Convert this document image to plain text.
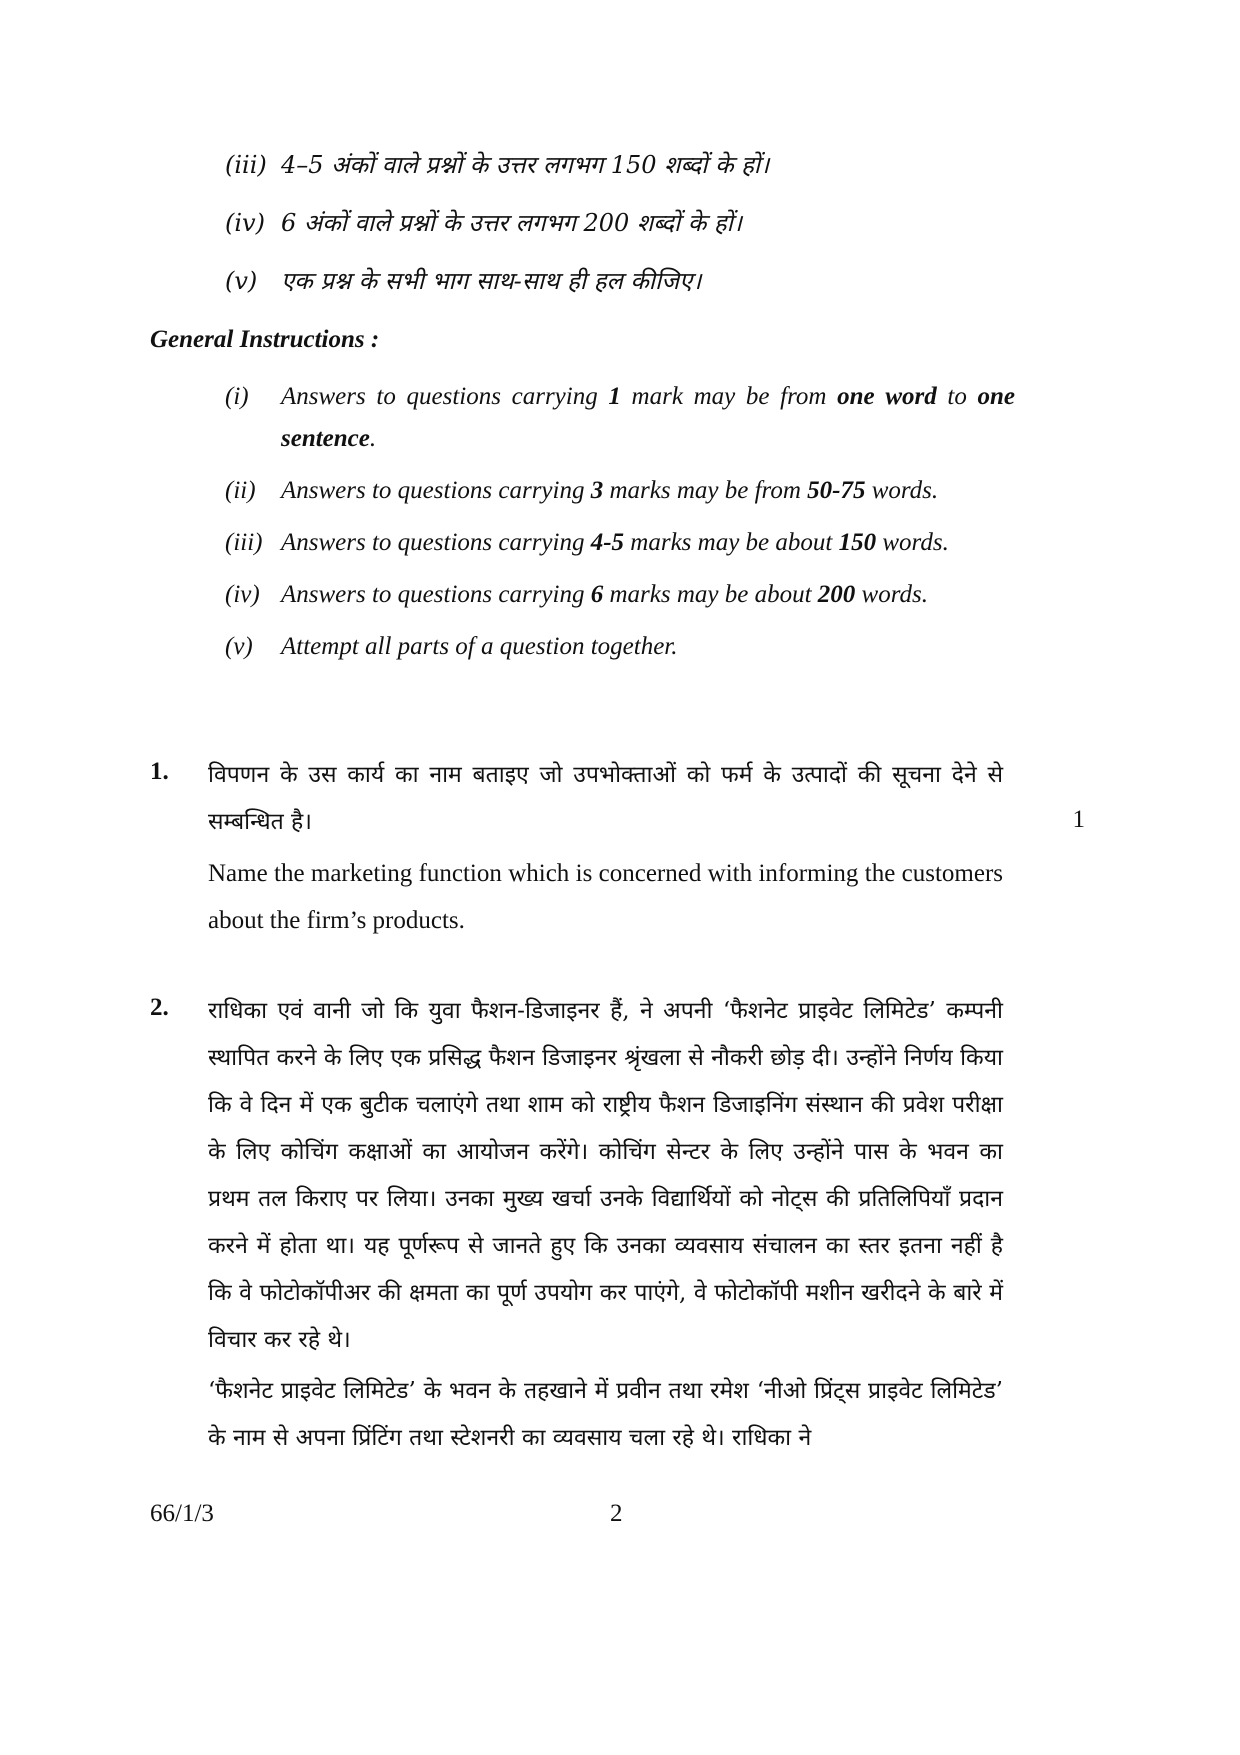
(iii) 4–5 अंकों वाले प्रश्नों के उत्तर लगभग 150 शब्दों के हों।
(iv) 6 अंकों वाले प्रश्नों के उत्तर लगभग 200 शब्दों के हों।
(v) एक प्रश्न के सभी भाग साथ-साथ ही हल कीजिए।
General Instructions :
(i)	Answers to questions carrying 1 mark may be from one word to one sentence.
(ii)	Answers to questions carrying 3 marks may be from 50-75 words.
(iii) Answers to questions carrying 4-5 marks may be about 150 words.
(iv) Answers to questions carrying 6 marks may be about 200 words.
(v)	Attempt all parts of a question together.
1. विपणन के उस कार्य का नाम बताइए जो उपभोक्ताओं को फर्म के उत्पादों की सूचना देने से सम्बन्धित है।
Name the marketing function which is concerned with informing the customers about the firm’s products.
1
2. राधिका एवं वानी जो कि युवा फैशन-डिजाइनर हैं, ने अपनी ‘फैशनेट प्राइवेट लिमिटेड’ कम्पनी स्थापित करने के लिए एक प्रसिद्ध फैशन डिजाइनर श्रृंखला से नौकरी छोड़ दी। उन्होंने निर्णय किया कि वे दिन में एक बुटीक चलाएंगे तथा शाम को राष्ट्रीय फैशन डिजाइनिंग संस्थान की प्रवेश परीक्षा के लिए कोचिंग कक्षाओं का आयोजन करेंगे। कोचिंग सेन्टर के लिए उन्होंने पास के भवन का प्रथम तल किराए पर लिया। उनका मुख्य खर्चा उनके विद्यार्थियों को नोट्स की प्रतिलिपियाँ प्रदान करने में होता था। यह पूर्णरूप से जानते हुए कि उनका व्यवसाय संचालन का स्तर इतना नहीं है कि वे फोटोकॉपीअर की क्षमता का पूर्ण उपयोग कर पाएंगे, वे फोटोकॉपी मशीन खरीदने के बारे में विचार कर रहे थे।
‘फैशनेट प्राइवेट लिमिटेड’ के भवन के तहखाने में प्रवीन तथा रमेश ‘नीओ प्रिंट्स प्राइवेट लिमिटेड’ के नाम से अपना प्रिंटिंग तथा स्टेशनरी का व्यवसाय चला रहे थे। राधिका ने
66/1/3	2
